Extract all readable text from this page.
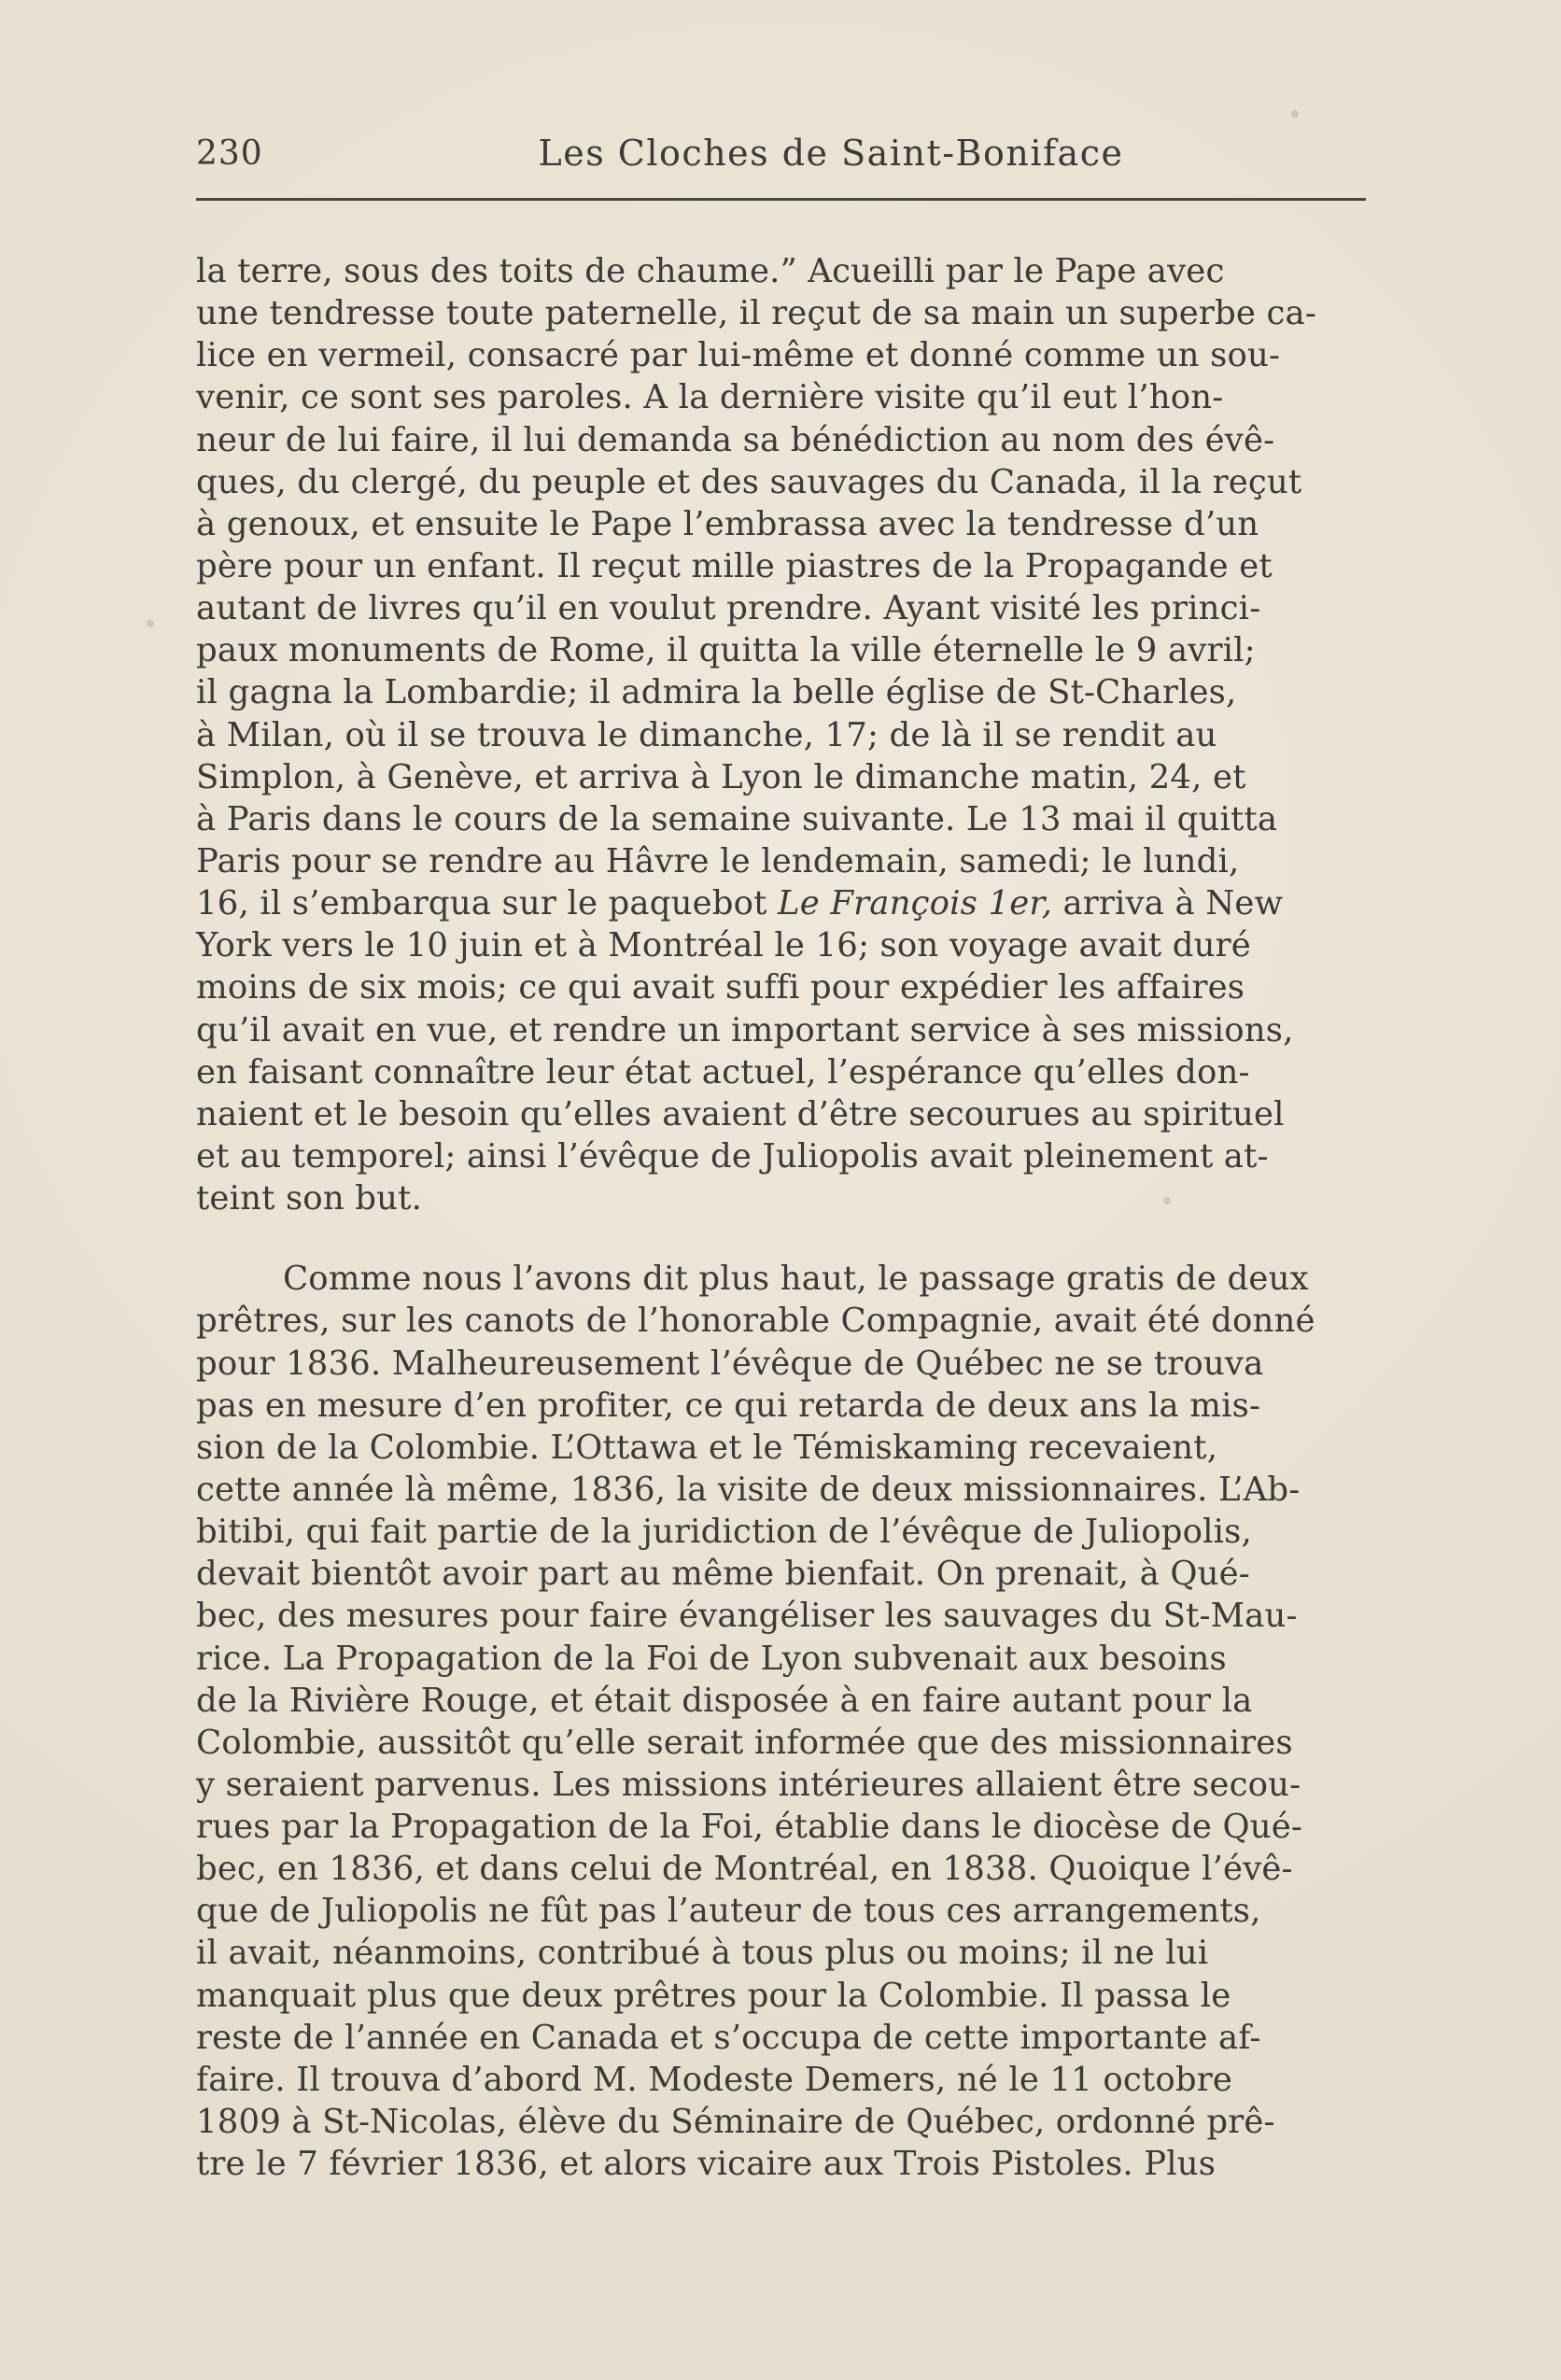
230	Les Cloches de Saint-Boniface
la terre, sous des toits de chaume.” Acueilli par le Pape avec
une tendresse toute paternelle, il reçut de sa main un superbe ca-
lice en vermeil, consacré par lui-même et donné comme un sou-
venir, ce sont ses paroles. A la dernière visite qu’il eut l’hon-
neur de lui faire, il lui demanda sa bénédiction au nom des évê-
ques, du clergé, du peuple et des sauvages du Canada, il la reçut
à genoux, et ensuite le Pape l’embrassa avec la tendresse d’un
père pour un enfant. Il reçut mille piastres de la Propagande et
autant de livres qu’il en voulut prendre. Ayant visité les princi-
paux monuments de Rome, il quitta la ville éternelle le 9 avril;
il gagna la Lombardie; il admira la belle église de St-Charles,
à Milan, où il se trouva le dimanche, 17; de là il se rendit au
Simplon, à Genève, et arriva à Lyon le dimanche matin, 24, et
à Paris dans le cours de la semaine suivante. Le 13 mai il quitta
Paris pour se rendre au Hâvre le lendemain, samedi; le lundi,
16, il s’embarqua sur le paquebot Le François 1er, arriva à New
York vers le 10 juin et à Montréal le 16; son voyage avait duré
moins de six mois; ce qui avait suffi pour expédier les affaires
qu’il avait en vue, et rendre un important service à ses missions,
en faisant connaître leur état actuel, l’espérance qu’elles don-
naient et le besoin qu’elles avaient d’être secourues au spirituel
et au temporel; ainsi l’évêque de Juliopolis avait pleinement at-
teint son but.
Comme nous l’avons dit plus haut, le passage gratis de deux
prêtres, sur les canots de l’honorable Compagnie, avait été donné
pour 1836. Malheureusement l’évêque de Québec ne se trouva
pas en mesure d’en profiter, ce qui retarda de deux ans la mis-
sion de la Colombie. L’Ottawa et le Témiskaming recevaient,
cette année là même, 1836, la visite de deux missionnaires. L’Ab-
bitibi, qui fait partie de la juridiction de l’évêque de Juliopolis,
devait bientôt avoir part au même bienfait. On prenait, à Qué-
bec, des mesures pour faire évangéliser les sauvages du St-Mau-
rice. La Propagation de la Foi de Lyon subvenait aux besoins
de la Rivière Rouge, et était disposée à en faire autant pour la
Colombie, aussitôt qu’elle serait informée que des missionnaires
y seraient parvenus. Les missions intérieures allaient être secou-
rues par la Propagation de la Foi, établie dans le diocèse de Qué-
bec, en 1836, et dans celui de Montréal, en 1838. Quoique l’évê-
que de Juliopolis ne fût pas l’auteur de tous ces arrangements,
il avait, néanmoins, contribué à tous plus ou moins; il ne lui
manquait plus que deux prêtres pour la Colombie. Il passa le
reste de l’année en Canada et s’occupa de cette importante af-
faire. Il trouva d’abord M. Modeste Demers, né le 11 octobre
1809 à St-Nicolas, élève du Séminaire de Québec, ordonné prê-
tre le 7 février 1836, et alors vicaire aux Trois Pistoles. Plus
